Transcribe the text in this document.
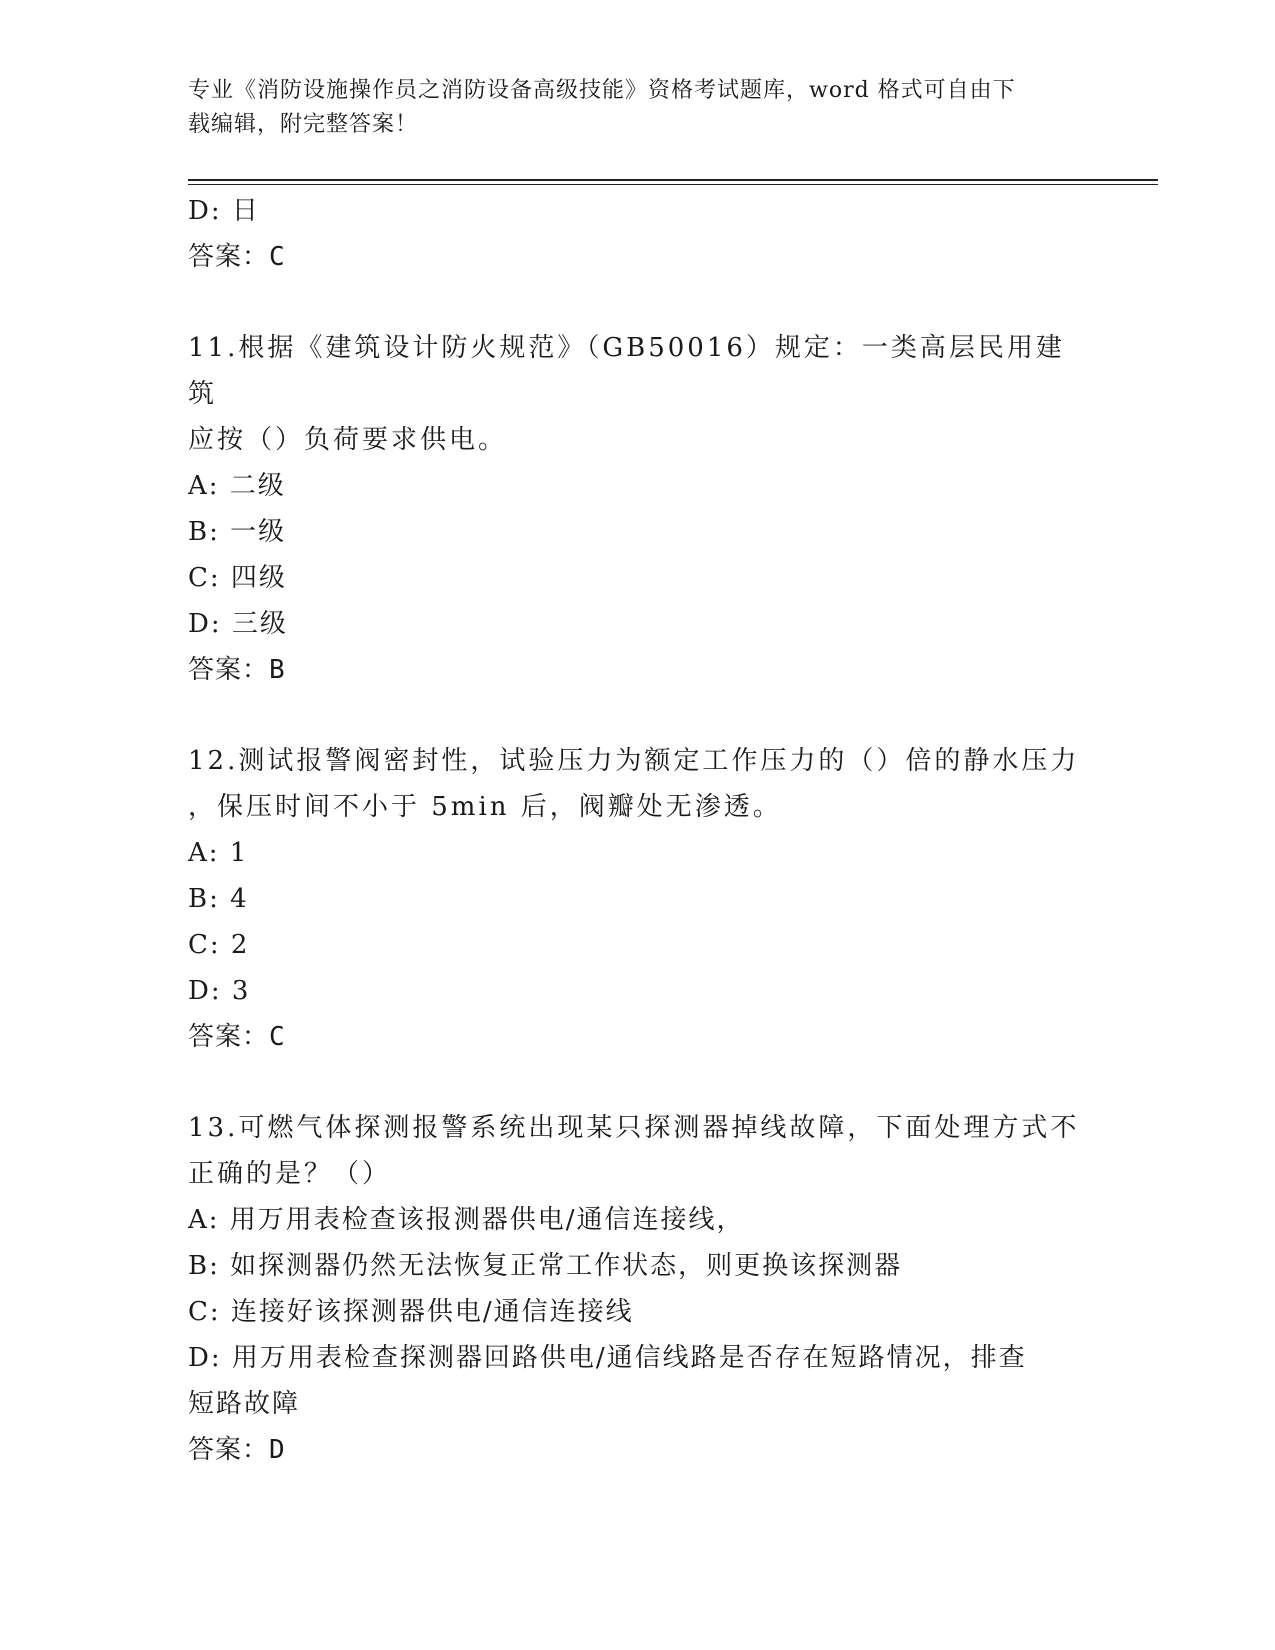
专业《消防设施操作员之消防设备高级技能》资格考试题库，word 格式可自由下
载编辑，附完整答案！
D: 日
答案：C
11.根据《建筑设计防火规范》（GB50016）规定：一类高层民用建筑
应按（）负荷要求供电。
A: 二级
B: 一级
C: 四级
D: 三级
答案：B
12.测试报警阀密封性，试验压力为额定工作压力的（）倍的静水压力
，保压时间不小于 5min 后，阀瓣处无渗透。
A: 1
B: 4
C: 2
D: 3
答案：C
13.可燃气体探测报警系统出现某只探测器掉线故障，下面处理方式不
正确的是？（）
A: 用万用表检查该报测器供电/通信连接线，
B: 如探测器仍然无法恢复正常工作状态，则更换该探测器
C: 连接好该探测器供电/通信连接线
D: 用万用表检查探测器回路供电/通信线路是否存在短路情况，排查
短路故障
答案：D
